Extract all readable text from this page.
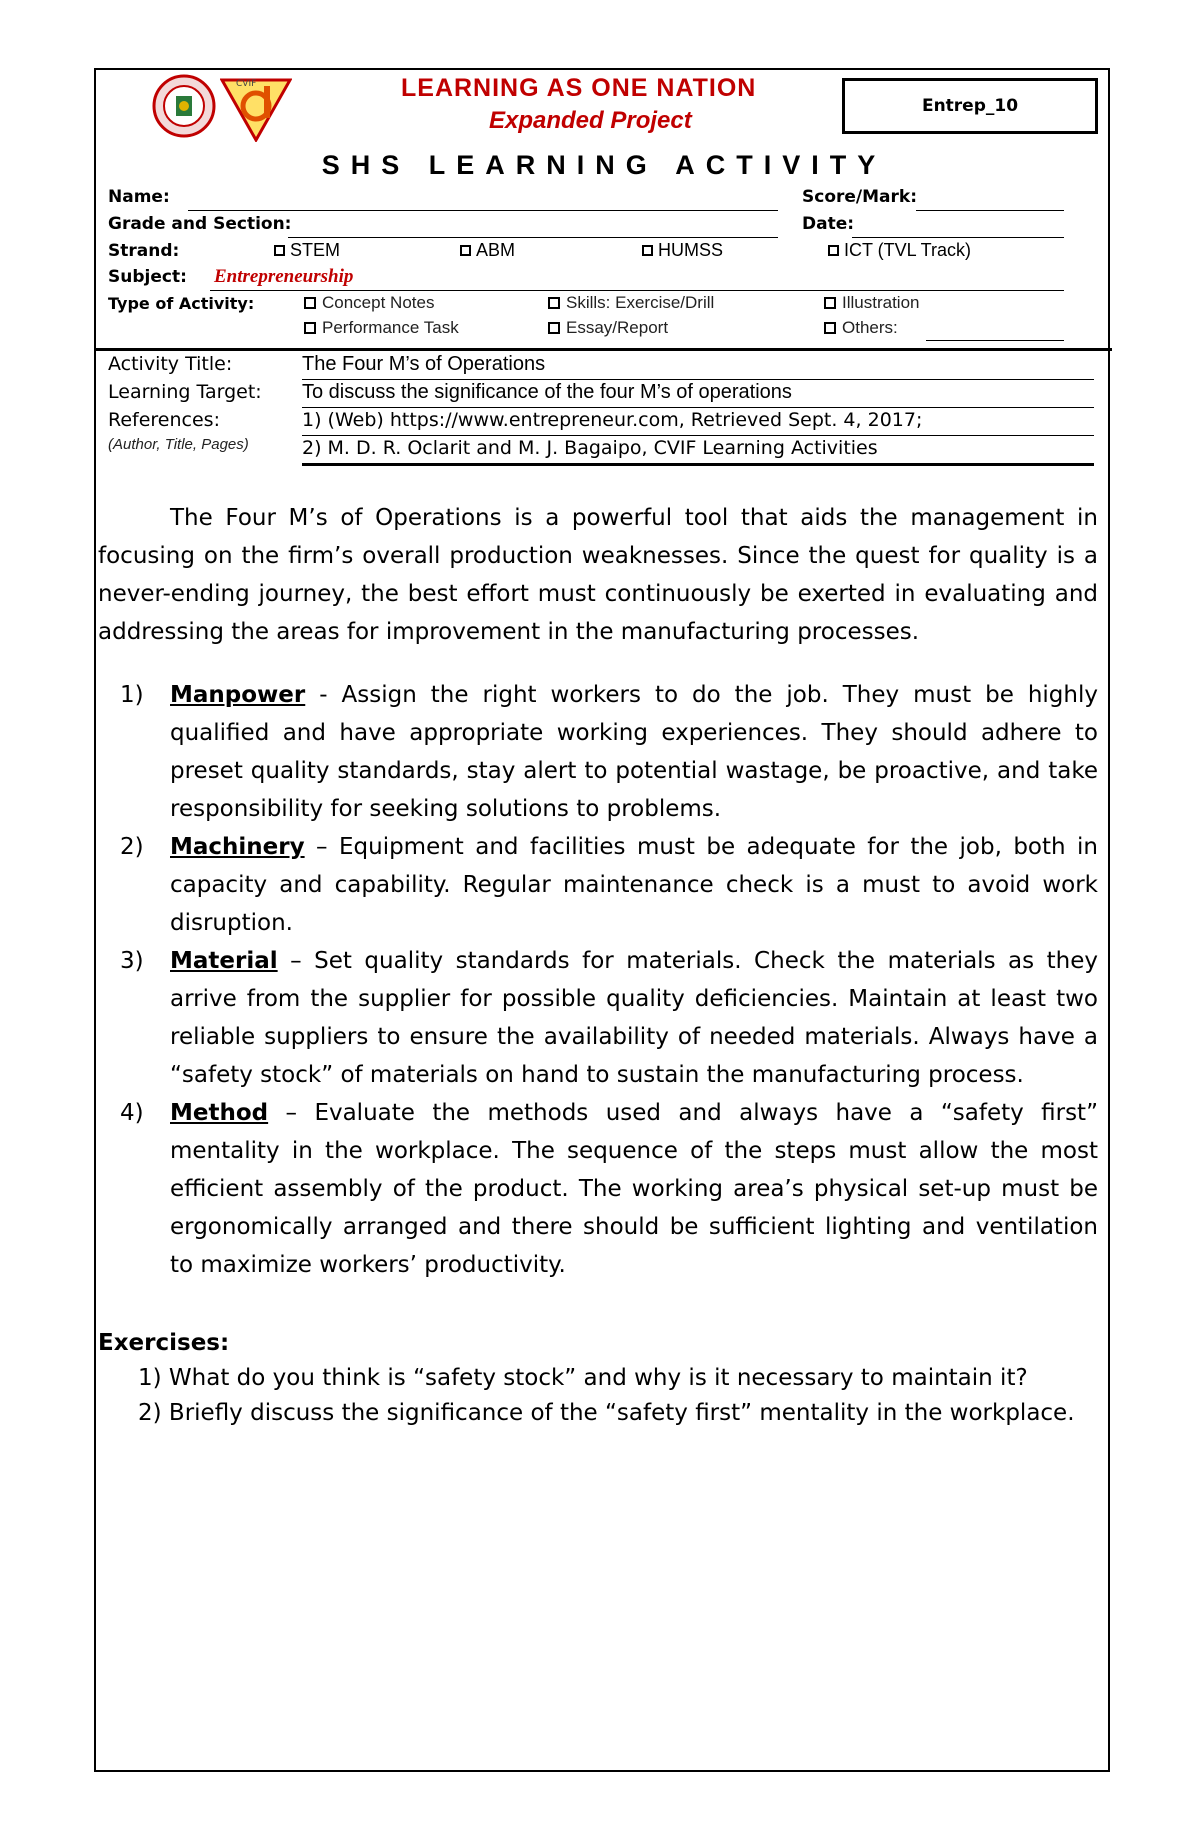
CVIF	LEARNING AS ONE NATION
Expanded Project
Entrep_10
SHS LEARNING ACTIVITY
Name:	Score/Mark:
Grade and Section:	Date:
Strand:	STEM	ABM	HUMSS	ICT (TVL Track)
Subject: Entrepreneurship
Type of Activity:	Concept Notes	Skills: Exercise/Drill	Illustration
Performance Task	Essay/Report	Others:
Activity Title:	The Four M’s of Operations
Learning Target: To discuss the significance of the four M’s of operations
References:
(Author, Title, Pages)
1) (Web) https://www.entrepreneur.com, Retrieved Sept. 4, 2017;
2) M. D. R. Oclarit and M. J. Bagaipo, CVIF Learning Activities
The Four M’s of Operations is a powerful tool that aids the management in focusing on the firm’s overall production weaknesses. Since the quest for quality is a never-ending journey, the best effort must continuously be exerted in evaluating and addressing the areas for improvement in the manufacturing processes.
1) Manpower - Assign the right workers to do the job. They must be highly qualified and have appropriate working experiences. They should adhere to preset quality standards, stay alert to potential wastage, be proactive, and take responsibility for seeking solutions to problems.
2) Machinery – Equipment and facilities must be adequate for the job, both in capacity and capability. Regular maintenance check is a must to avoid work disruption.
3) Material – Set quality standards for materials. Check the materials as they arrive from the supplier for possible quality deficiencies. Maintain at least two reliable suppliers to ensure the availability of needed materials. Always have a “safety stock” of materials on hand to sustain the manufacturing process.
4) Method – Evaluate the methods used and always have a “safety first” mentality in the workplace. The sequence of the steps must allow the most efficient assembly of the product. The working area’s physical set-up must be ergonomically arranged and there should be sufficient lighting and ventilation to maximize workers’ productivity.
Exercises:
1) What do you think is “safety stock” and why is it necessary to maintain it?
2) Briefly discuss the significance of the “safety first” mentality in the workplace.
